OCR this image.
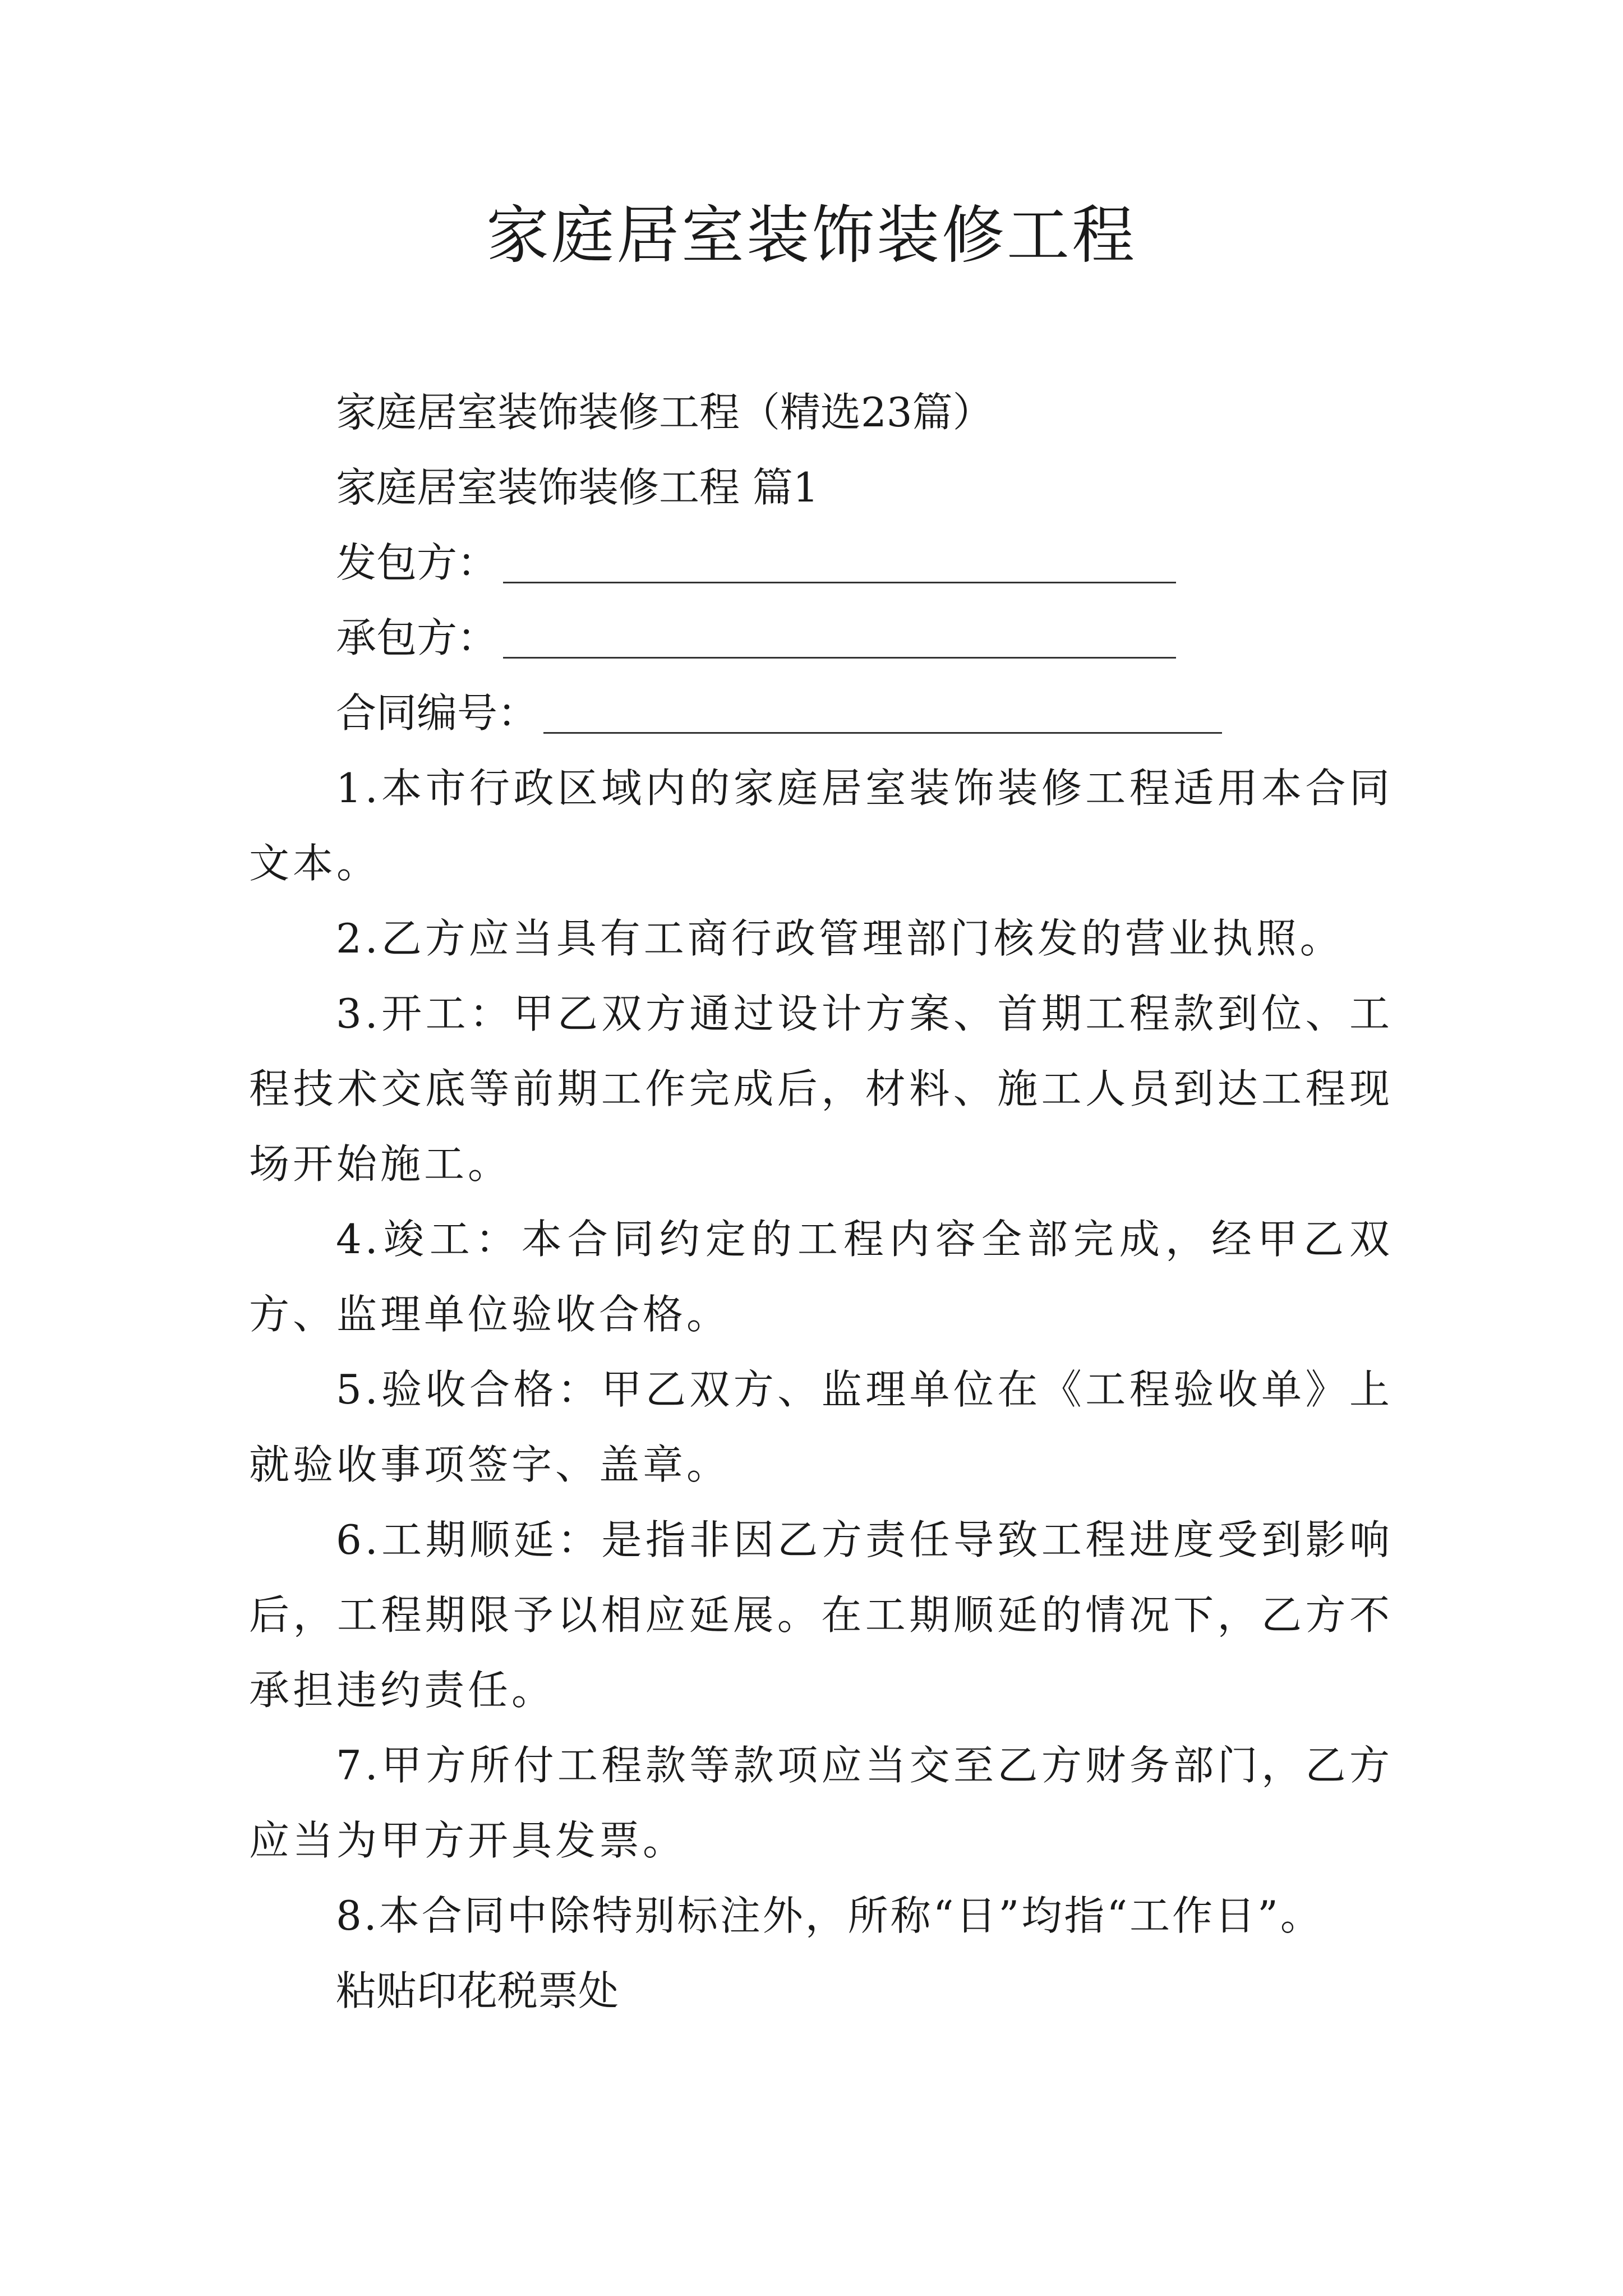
家庭居室装饰装修工程

家庭居室装饰装修工程（精选23篇）

家庭居室装饰装修工程 篇1

发包方：
承包方：
合同编号：

1.本市行政区域内的家庭居室装饰装修工程适用本合同文本。

2.乙方应当具有工商行政管理部门核发的营业执照。

3.开工：甲乙双方通过设计方案、首期工程款到位、工程技术交底等前期工作完成后，材料、施工人员到达工程现场开始施工。

4.竣工：本合同约定的工程内容全部完成，经甲乙双方、监理单位验收合格。

5.验收合格：甲乙双方、监理单位在《工程验收单》上就验收事项签字、盖章。

6.工期顺延：是指非因乙方责任导致工程进度受到影响后，工程期限予以相应延展。在工期顺延的情况下，乙方不承担违约责任。

7.甲方所付工程款等款项应当交至乙方财务部门，乙方应当为甲方开具发票。

8.本合同中除特别标注外，所称“日”均指“工作日”。

粘贴印花税票处
